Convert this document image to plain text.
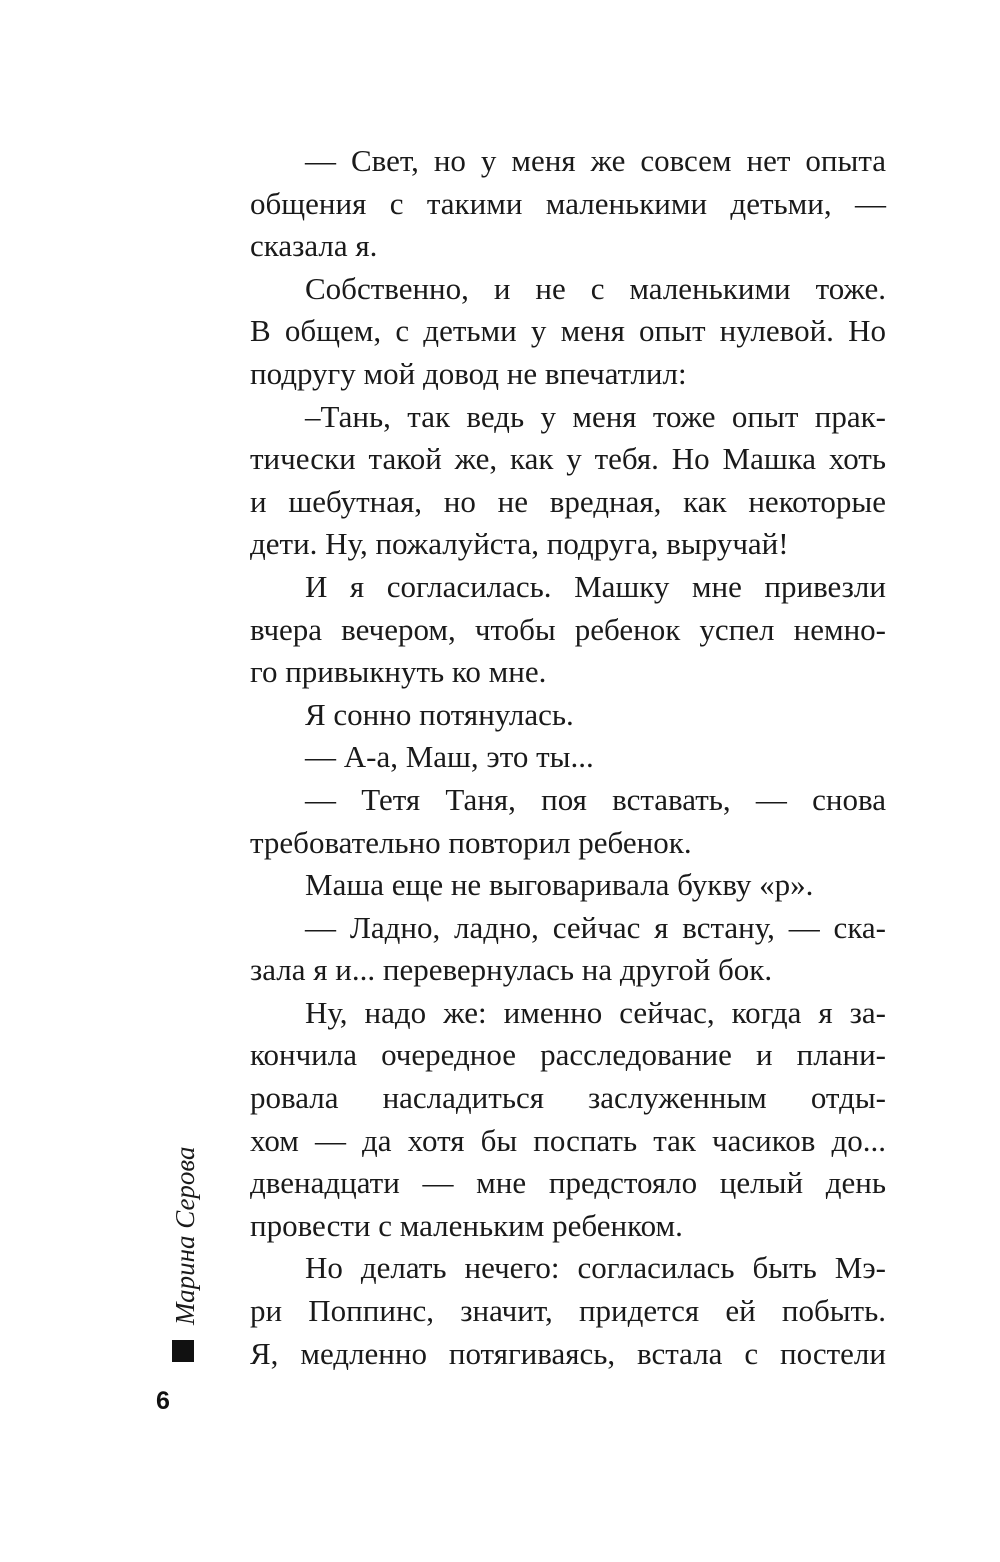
— Свет, но у меня же совсем нет опыта
общения с такими маленькими детьми, —
сказала я.
Собственно, и не с маленькими тоже.
В общем, с детьми у меня опыт нулевой. Но
подругу мой довод не впечатлил:
–Тань, так ведь у меня тоже опыт прак-
тически такой же, как у тебя. Но Машка хоть
и шебутная, но не вредная, как некоторые
дети. Ну, пожалуйста, подруга, выручай!
И я согласилась. Машку мне привезли
вчера вечером, чтобы ребенок успел немно-
го привыкнуть ко мне.
Я сонно потянулась.
— А-а, Маш, это ты...
— Тетя Таня, поя вставать, — снова
требовательно повторил ребенок.
Маша еще не выговаривала букву «р».
— Ладно, ладно, сейчас я встану, — ска-
зала я и... перевернулась на другой бок.
Ну, надо же: именно сейчас, когда я за-
кончила очередное расследование и плани-
ровала насладиться заслуженным отды-
хом — да хотя бы поспать так часиков до...
двенадцати — мне предстояло целый день
провести с маленьким ребенком.
Но делать нечего: согласилась быть Мэ-
ри Поппинс, значит, придется ей побыть.
Я, медленно потягиваясь, встала с постели
Марина Серова
6
